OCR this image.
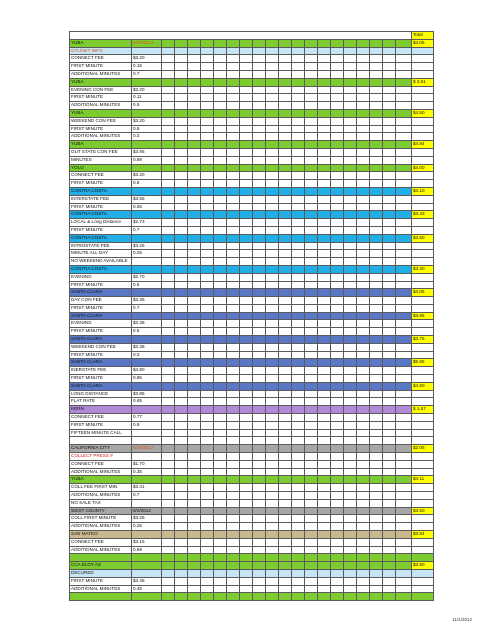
																					Total
YUBA	4/29/2013																				$4.05
GTL/NET INFO																					
CONNECT FEE	$3.20																				
FIRST MINUTE	0.15																				
ADDITIONAL MINUTES	0.7																				
YUBA																					$ 3.61
EVENING CON FEE	$3.20																				
FIRST MINUTE	0.11																				
ADDITIONAL MINUTES	0.5																				
YUBA																					$4.50
WEEKEND CON FEE	$3.20																				
FIRST MINUTE	0.8																				
ADDITIONAL MINUTES	0.3																				
YUBA																					$4.84
OUT STATE CON FEE	$3.95																				
MINUTES	0.89																				
YOLO																					$4.00
CONNECT FEE	$3.20																				
FIRST MINUTE	0.8																				
CONTRA COSTA																					$4.10
INTERSTATE FEE	$3.55																				
FIRST MINUTE	0.55																				
CONTRA COSTA																					$3.43
LOCAL & Long Distance	$2.73																				
FIRST MINUTE	0.7																				
CONTRA COSTA																					$3.50
INTROSTATE FEE	$3.25																				
MINUTE ALL DAY	0.25																				
NO WEEKEND AVAILABLE																					
CONTRA COSTA																					$3.30
EVENING	$2.70																				
FIRST MINUTE	0.5																				
SANTA CLARA																					$4.05
DAY CON FEE	$3.35																				
FIRST MINUTE	0.7																				
SANTA CLARA																					$3.85
EVENING	$3.35																				
FIRST MINUTE	0.5																				
SANTA CLARA																					$3.75
WEEKEND CON FEE	$3.35																				
FIRST MINUTE	0.3																				
SANTA CLARA																					$5.65
INERSTATE FEE	$4.80																				
FIRST MINUTE	0.85																				
SANTA CLARA																					$4.50
LONG DISTANCE	$3.85																				
FLAT RATE	0.65																				
KERN																					$ 1.57
CONNECT FEE	0.77																				
FIRST MINUTE	0.8																				
FIFTEEN MINUTE CALL																					

CALIFORNIA CITY	9/28/2012																				$2.05
COLLECT PRESS #																					
CONNECT FEE	$1.70																				
ADDITIONAL MINUTES	0.35																				
YUBA																					$4.11
COLL FEE FIRST MIN	$3.41																				
ADDITIONAL MINUTES	0.7																				
NO SALE TAX																					
WEST COUNTY	9/2/2012																				$3.50
COLL FIRST MINUTE	$3.25																				
ADDITIONAL MINUTES	0.25																				
SAN MATEO																					$3.84
CONNECT FEE	$3.15																				
ADDITIONAL MINUTES	0.69																				

CCA ELOY AZ																					$3.90
DECURED																					
FIRST MINUTE	$3.45																				
ADDITIONAL MINUTES	0.45																				

11/1/2012
